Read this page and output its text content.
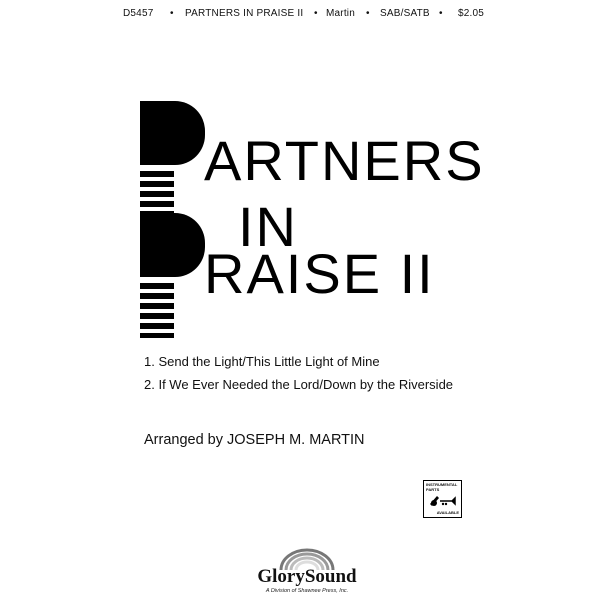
D5457 • PARTNERS IN PRAISE II • Martin • SAB/SATB • $2.05
ARTNERS
IN
RAISE II
1. Send the Light/This Little Light of Mine
2. If We Ever Needed the Lord/Down by the Riverside
Arranged by JOSEPH M. MARTIN
INSTRUMENTAL PARTS
AVAILABLE
GlorySound
A Division of Shawnee Press, Inc.
